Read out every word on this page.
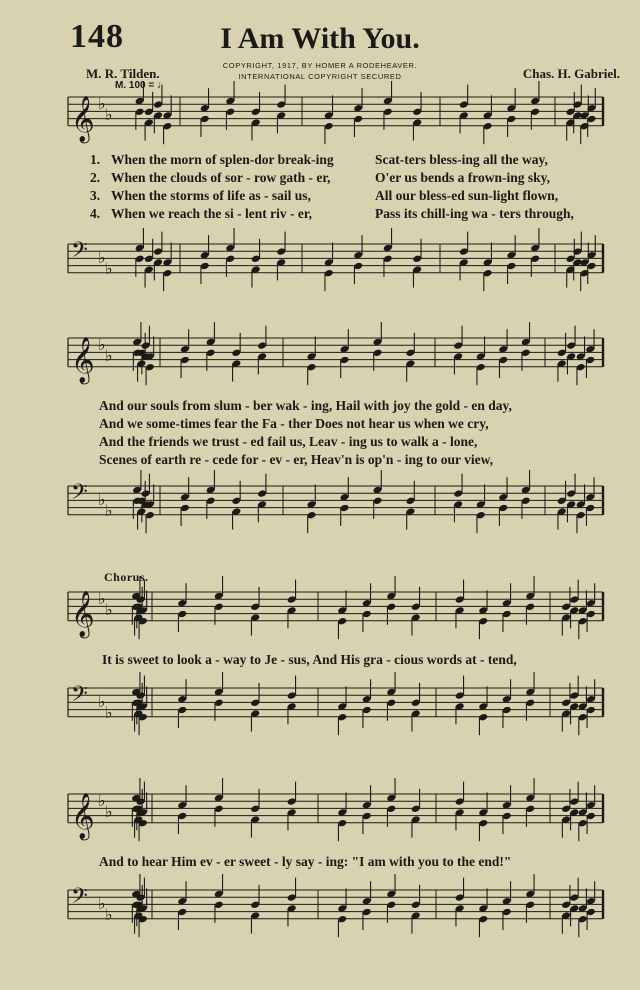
148	I Am With You.
M. R. Tilden.	Chas. H. Gabriel.
COPYRIGHT, 1917, BY HOMER A RODEHEAVER.
INTERNATIONAL COPYRIGHT SECURED
M. 100 = ♩
𝄞 ♭
♭
𝄢 ♭
♭
𝄞 ♭
♭
𝄢 ♭
♭
𝄞 ♭
♭
𝄢 ♭
♭
𝄞 ♭
♭
𝄢 ♭
♭
Chorus.
1. When the morn of splen-dor break-ing	Scat-ters bless-ing all the way,
2. When the clouds of sor - row gath - er,	O'er us bends a frown-ing sky,
3. When the storms of life as - sail us,	All our bless-ed sun-light flown,
4. When we reach the si - lent riv - er,	Pass its chill-ing wa - ters through,
And our souls from slum - ber wak - ing, Hail with joy the gold - en day,
And we some-times fear the Fa - ther Does not hear us when we cry,
And the friends we trust - ed fail us, Leav - ing us to walk a - lone,
Scenes of earth re - cede for - ev - er, Heav'n is op'n - ing to our view,
It is sweet to look a - way to Je - sus, And His gra - cious words at - tend,
And to hear Him ev - er sweet - ly say - ing: "I am with you to the end!"
